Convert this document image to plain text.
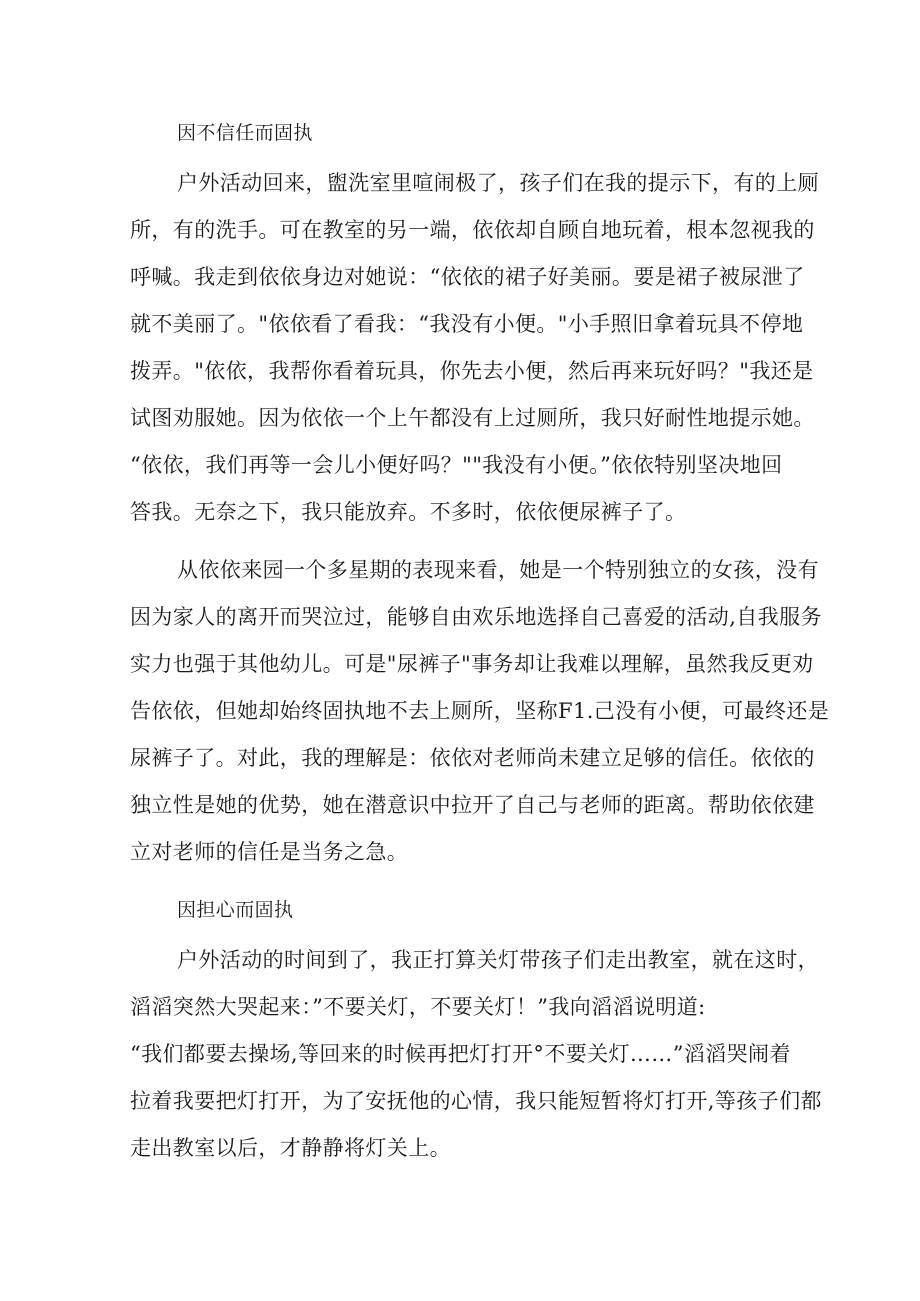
因不信任而固执
户外活动回来，盥洗室里喧闹极了，孩子们在我的提示下，有的上厕
所，有的洗手。可在教室的另一端，依依却自顾自地玩着，根本忽视我的
呼喊。我走到依依身边对她说：“依依的裙子好美丽。要是裙子被尿泄了
就不美丽了。"依依看了看我：“我没有小便。"小手照旧拿着玩具不停地
拨弄。"依依，我帮你看着玩具，你先去小便，然后再来玩好吗？"我还是
试图劝服她。因为依依一个上午都没有上过厕所，我只好耐性地提示她。
“依依，我们再等一会儿小便好吗？""我没有小便。”依依特别坚决地回
答我。无奈之下，我只能放弃。不多时，依依便尿裤子了。
从依依来园一个多星期的表现来看，她是一个特别独立的女孩，没有
因为家人的离开而哭泣过，能够自由欢乐地选择自己喜爱的活动,自我服务
实力也强于其他幼儿。可是"尿裤子"事务却让我难以理解，虽然我反更劝
告依依，但她却始终固执地不去上厕所，坚称F1.己没有小便，可最终还是
尿裤子了。对此，我的理解是：依依对老师尚未建立足够的信任。依依的
独立性是她的优势，她在潜意识中拉开了自己与老师的距离。帮助依依建
立对老师的信任是当务之急。
因担心而固执
户外活动的时间到了，我正打算关灯带孩子们走出教室，就在这时，
滔滔突然大哭起来：”不要关灯，不要关灯！”我向滔滔说明道:
“我们都要去操场,等回来的时候再把灯打开°不要关灯……”滔滔哭闹着
拉着我要把灯打开，为了安抚他的心情，我只能短暂将灯打开,等孩子们都
走出教室以后，才静静将灯关上。
